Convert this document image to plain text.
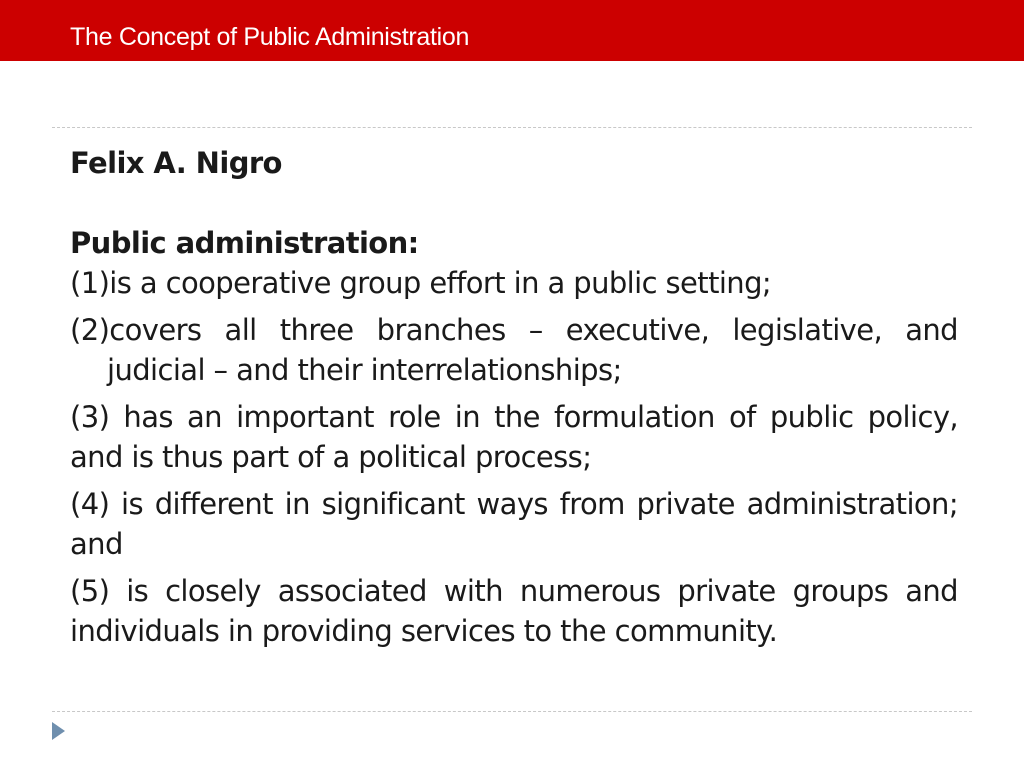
The Concept of Public Administration

Felix A. Nigro

Public administration:

(1)is a cooperative group effort in a public setting;
(2)covers all three branches – executive, legislative, and judicial – and their interrelationships;
(3) has an important role in the formulation of public policy, and is thus part of a political process;
(4) is different in significant ways from private administration; and
(5) is closely associated with numerous private groups and individuals in providing services to the community.
